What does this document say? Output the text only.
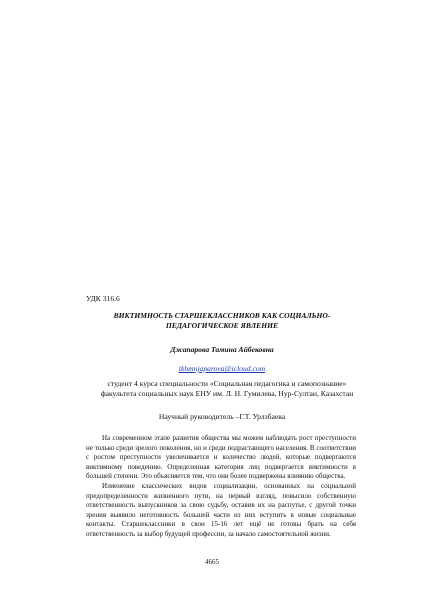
УДК 316.6
ВИКТИМНОСТЬ СТАРШЕКЛАССНИКОВ КАК СОЦИАЛЬНО-ПЕДАГОГИЧЕСКОЕ ЯВЛЕНИЕ
Джапарова Тамина Айбековна
tkhmnjaparova@icloud.com
студент 4 курса специальности «Социальная педагогика и самопознание» факультета социальных наук ЕНУ им. Л. Н. Гумилева, Нур-Султан, Казахстан
Научный руководитель –Г.Т. Урлзбаева

На современном этапе развития общества мы можем наблюдать рост преступности не только среди зрелого поколения, но и среди подрастающего населения. В соответствии с ростом преступности увеличивается и количество людей, которые подвергаются виктимному поведению. Определенная категория лиц подвергается виктимности в большей степени. Это объясняется тем, что они более подвержены влиянию общества.

Изменение классических видов социализации, основанных на социальной предопределенности жизненного пути, на первый взгляд, повысило собственную ответственность выпускников за свою судьбу, оставив их на распутье, с другой точки зрения выявило неготовность большей части из них вступить в новые социальные контакты. Старшеклассники в свои 15-16 лет ещё не готовы брать на себя ответственность за выбор будущей профессии, за начало самостоятельной жизни.

4665
